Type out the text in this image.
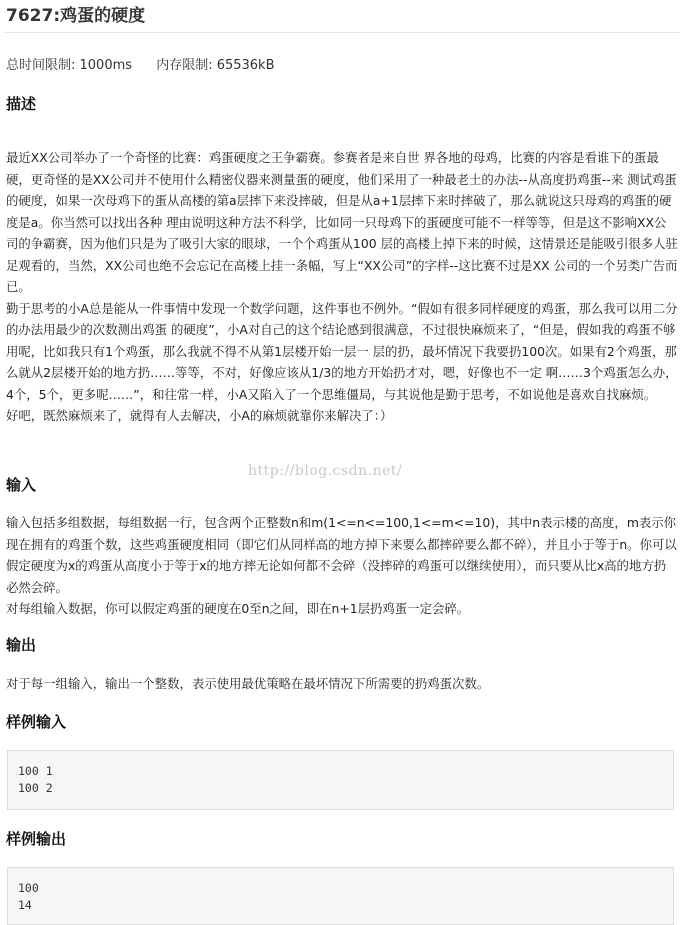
7627:鸡蛋的硬度
总时间限制: 1000ms 内存限制: 65536kB
描述

最近XX公司举办了一个奇怪的比赛：鸡蛋硬度之王争霸赛。参赛者是来自世 界各地的母鸡，比赛的内容是看谁下的蛋最硬，更奇怪的是XX公司并不使用什么精密仪器来测量蛋的硬度，他们采用了一种最老土的办法--从高度扔鸡蛋--来 测试鸡蛋的硬度，如果一次母鸡下的蛋从高楼的第a层摔下来没摔破，但是从a+1层摔下来时摔破了，那么就说这只母鸡的鸡蛋的硬度是a。你当然可以找出各种 理由说明这种方法不科学，比如同一只母鸡下的蛋硬度可能不一样等等，但是这不影响XX公司的争霸赛，因为他们只是为了吸引大家的眼球，一个个鸡蛋从100 层的高楼上掉下来的时候，这情景还是能吸引很多人驻足观看的，当然，XX公司也绝不会忘记在高楼上挂一条幅，写上“XX公司”的字样--这比赛不过是XX 公司的一个另类广告而已。

勤于思考的小A总是能从一件事情中发现一个数学问题，这件事也不例外。“假如有很多同样硬度的鸡蛋，那么我可以用二分的办法用最少的次数测出鸡蛋 的硬度”，小A对自己的这个结论感到很满意，不过很快麻烦来了，“但是，假如我的鸡蛋不够用呢，比如我只有1个鸡蛋，那么我就不得不从第1层楼开始一层一 层的扔，最坏情况下我要扔100次。如果有2个鸡蛋，那么就从2层楼开始的地方扔……等等，不对，好像应该从1/3的地方开始扔才对，嗯，好像也不一定 啊……3个鸡蛋怎么办，4个，5个，更多呢……”，和往常一样，小A又陷入了一个思维僵局，与其说他是勤于思考，不如说他是喜欢自找麻烦。

好吧，既然麻烦来了，就得有人去解决，小A的麻烦就靠你来解决了：）

http://blog.csdn.net/
输入

输入包括多组数据，每组数据一行，包含两个正整数n和m(1<=n<=100,1<=m<=10)，其中n表示楼的高度，m表示你现在拥有的鸡蛋个数，这些鸡蛋硬度相同（即它们从同样高的地方掉下来要么都摔碎要么都不碎），并且小于等于n。你可以假定硬度为x的鸡蛋从高度小于等于x的地方摔无论如何都不会碎（没摔碎的鸡蛋可以继续使用），而只要从比x高的地方扔必然会碎。

对每组输入数据，你可以假定鸡蛋的硬度在0至n之间，即在n+1层扔鸡蛋一定会碎。

输出

对于每一组输入，输出一个整数，表示使用最优策略在最坏情况下所需要的扔鸡蛋次数。

样例输入
100 1
100 2
样例输出
100
14
